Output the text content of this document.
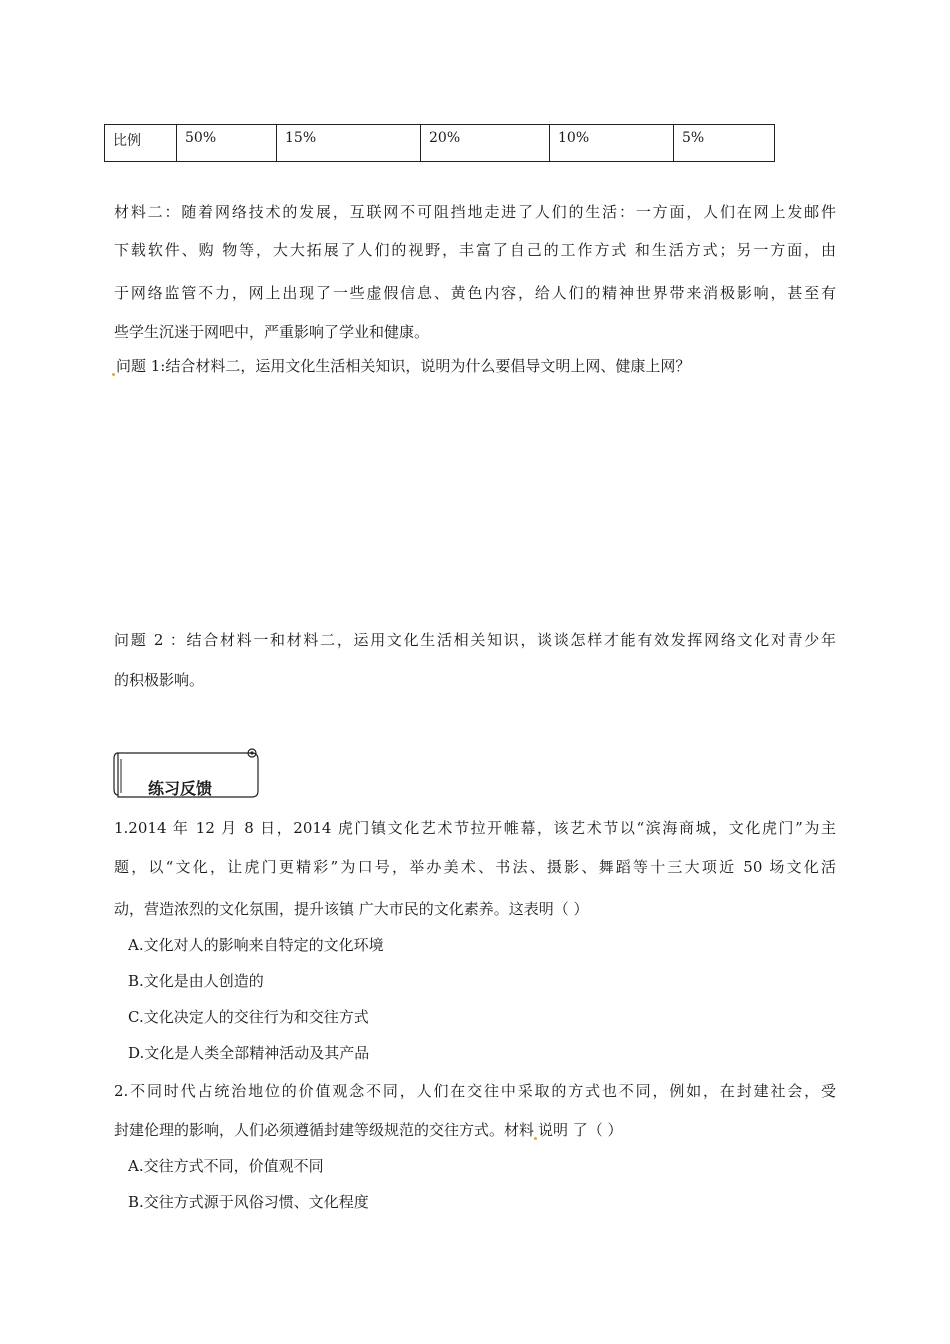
比例	50%	15%	20%	10%	5%
材料二：随着网络技术的发展，互联网不可阻挡地走进了人们的生活：一方面，人们在网上发邮件
下载软件、购 物等，大大拓展了人们的视野，丰富了自己的工作方式 和生活方式；另一方面，由
于网络监管不力，网上出现了一些虚假信息、黄色内容，给人们的精神世界带来消极影响，甚至有
些学生沉迷于网吧中，严重影响了学业和健康。
问题 1:结合材料二，运用文化生活相关知识，说明为什么要倡导文明上网、健康上网？
问题 2 ：结合材料一和材料二，运用文化生活相关知识，谈谈怎样才能有效发挥网络文化对青少年
的积极影响。
练习反馈
1.2014 年 12 月 8 日，2014 虎门镇文化艺术节拉开帷幕，该艺术节以“滨海商城，文化虎门”为主
题，以“文化，让虎门更精彩”为口号，举办美术、书法、摄影、舞蹈等十三大项近 50 场文化活
动，营造浓烈的文化氛围，提升该镇 广大市民的文化素养。这表明（ ）
A.文化对人的影响来自特定的文化环境
B.文化是由人创造的
C.文化决定人的交往行为和交往方式
D.文化是人类全部精神活动及其产品
2.不同时代占统治地位的价值观念不同，人们在交往中采取的方式也不同，例如，在封建社会，受
封建伦理的影响，人们必须遵循封建等级规范的交往方式。材料 说明 了（ ）
A.交往方式不同，价值观不同
B.交往方式源于风俗习惯、文化程度
